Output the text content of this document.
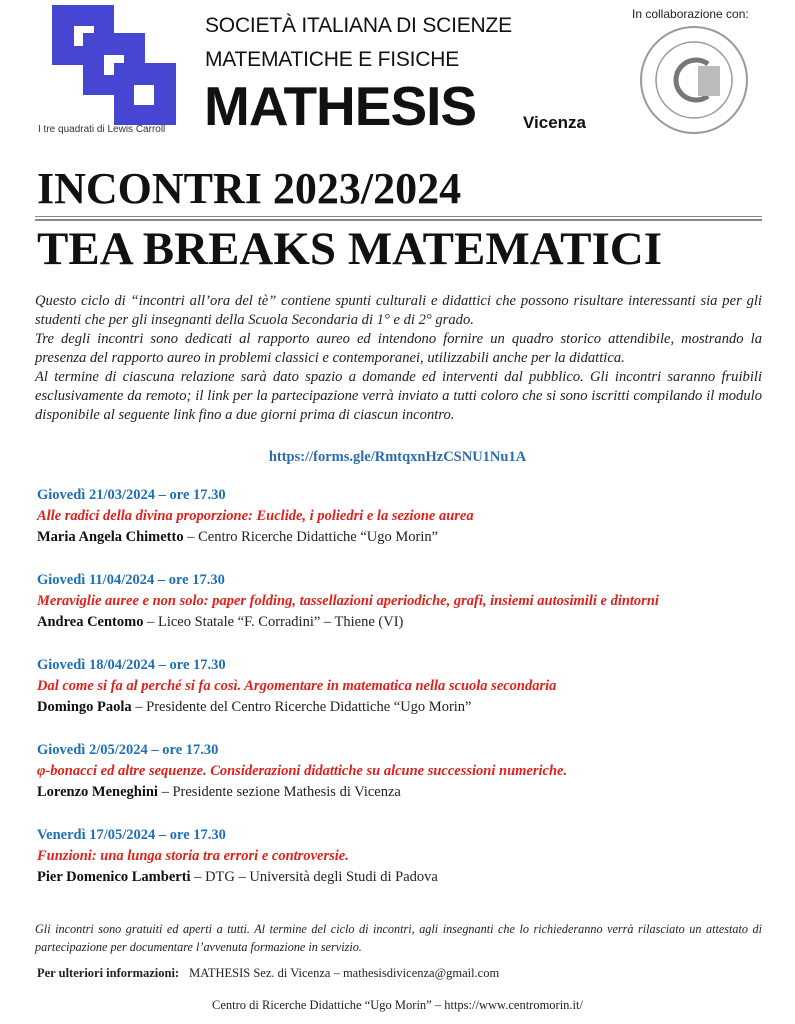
I tre quadrati di Lewis Carroll
SOCIETÀ ITALIANA DI SCIENZE
MATEMATICHE E FISICHE
MATHESIS	Vicenza
In collaborazione con:
INCONTRI 2023/2024
TEA BREAKS MATEMATICI

Questo ciclo di “incontri all’ora del tè” contiene spunti culturali e didattici che possono risultare interessanti sia per gli studenti che per gli insegnanti della Scuola Secondaria di 1° e di 2° grado.

Tre degli incontri sono dedicati al rapporto aureo ed intendono fornire un quadro storico attendibile, mostrando la presenza del rapporto aureo in problemi classici e contemporanei, utilizzabili anche per la didattica.

Al termine di ciascuna relazione sarà dato spazio a domande ed interventi dal pubblico. Gli incontri saranno fruibili esclusivamente da remoto; il link per la partecipazione verrà inviato a tutti coloro che si sono iscritti compilando il modulo disponibile al seguente link fino a due giorni prima di ciascun incontro.

https://forms.gle/RmtqxnHzCSNU1Nu1A
Giovedì 21/03/2024 – ore 17.30
Alle radici della divina proporzione: Euclide, i poliedri e la sezione aurea
Maria Angela Chimetto – Centro Ricerche Didattiche “Ugo Morin”
Giovedì 11/04/2024 – ore 17.30
Meraviglie auree e non solo: paper folding, tassellazioni aperiodiche, grafi, insiemi autosimili e dintorni
Andrea Centomo – Liceo Statale “F. Corradini” – Thiene (VI)
Giovedì 18/04/2024 – ore 17.30
Dal come si fa al perché si fa così. Argomentare in matematica nella scuola secondaria
Domingo Paola – Presidente del Centro Ricerche Didattiche “Ugo Morin”
Giovedì 2/05/2024 – ore 17.30
φ-bonacci ed altre sequenze. Considerazioni didattiche su alcune successioni numeriche.
Lorenzo Meneghini – Presidente sezione Mathesis di Vicenza
Venerdì 17/05/2024 – ore 17.30
Funzioni: una lunga storia tra errori e controversie.
Pier Domenico Lamberti – DTG – Università degli Studi di Padova
Gli incontri sono gratuiti ed aperti a tutti. Al termine del ciclo di incontri, agli insegnanti che lo richiederanno verrà rilasciato un attestato di partecipazione per documentare l’avvenuta formazione in servizio.
Per ulteriori informazioni: MATHESIS Sez. di Vicenza – mathesisdivicenza@gmail.com
Centro di Ricerche Didattiche “Ugo Morin” – https://www.centromorin.it/
